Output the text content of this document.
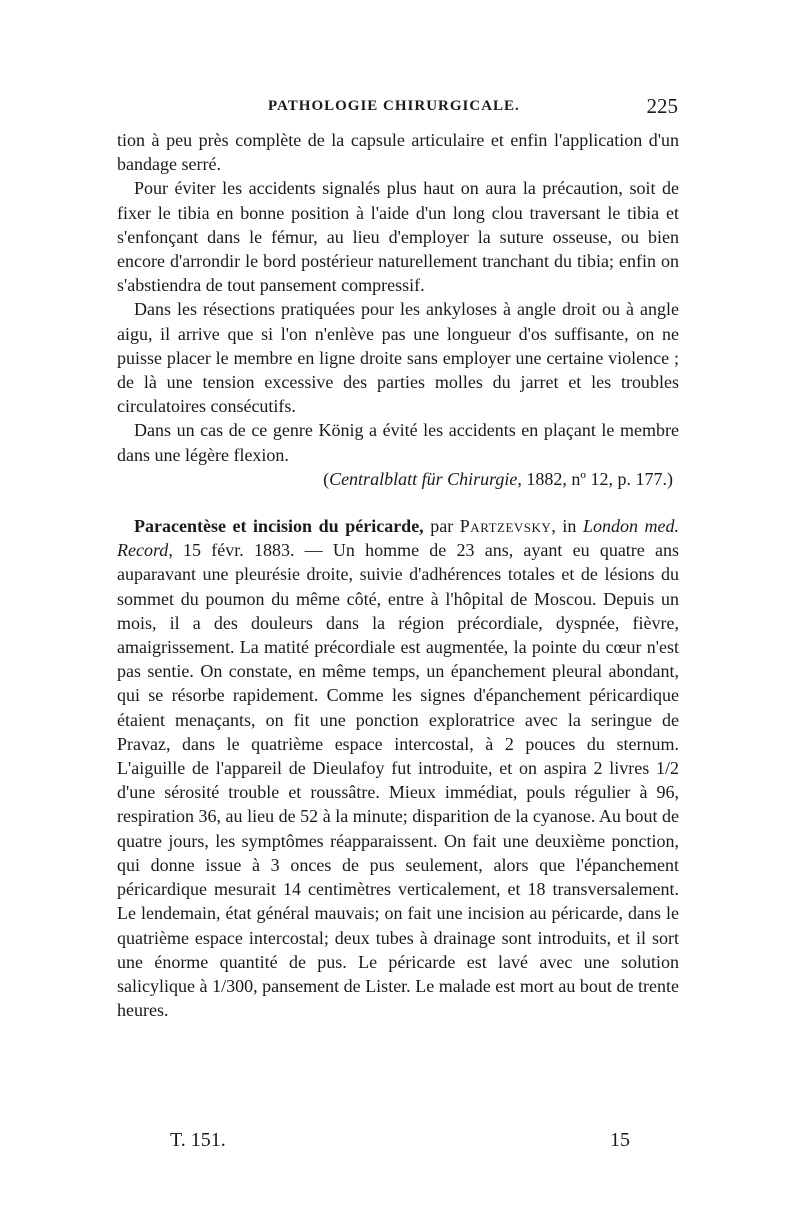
PATHOLOGIE CHIRURGICALE.	225

tion à peu près complète de la capsule articulaire et enfin l'application d'un bandage serré.

Pour éviter les accidents signalés plus haut on aura la précaution, soit de fixer le tibia en bonne position à l'aide d'un long clou traversant le tibia et s'enfonçant dans le fémur, au lieu d'employer la suture osseuse, ou bien encore d'arrondir le bord postérieur naturellement tranchant du tibia; enfin on s'abstiendra de tout pansement compressif.

Dans les résections pratiquées pour les ankyloses à angle droit ou à angle aigu, il arrive que si l'on n'enlève pas une longueur d'os suffisante, on ne puisse placer le membre en ligne droite sans employer une certaine violence ; de là une tension excessive des parties molles du jarret et les troubles circulatoires consécutifs.

Dans un cas de ce genre König a évité les accidents en plaçant le membre dans une légère flexion.

(Centralblatt für Chirurgie, 1882, nº 12, p. 177.)

Paracentèse et incision du péricarde, par Partzevsky, in London med. Record, 15 févr. 1883. — Un homme de 23 ans, ayant eu quatre ans auparavant une pleurésie droite, suivie d'adhérences totales et de lésions du sommet du poumon du même côté, entre à l'hôpital de Moscou. Depuis un mois, il a des douleurs dans la région précordiale, dyspnée, fièvre, amaigrissement. La matité précordiale est augmentée, la pointe du cœur n'est pas sentie. On constate, en même temps, un épanchement pleural abondant, qui se résorbe rapidement. Comme les signes d'épanchement péricardique étaient menaçants, on fit une ponction exploratrice avec la seringue de Pravaz, dans le quatrième espace intercostal, à 2 pouces du sternum. L'aiguille de l'appareil de Dieulafoy fut introduite, et on aspira 2 livres 1/2 d'une sérosité trouble et roussâtre. Mieux immédiat, pouls régulier à 96, respiration 36, au lieu de 52 à la minute; disparition de la cyanose. Au bout de quatre jours, les symptômes réapparaissent. On fait une deuxième ponction, qui donne issue à 3 onces de pus seulement, alors que l'épanchement péricardique mesurait 14 centimètres verticalement, et 18 transversalement. Le lendemain, état général mauvais; on fait une incision au péricarde, dans le quatrième espace intercostal; deux tubes à drainage sont introduits, et il sort une énorme quantité de pus. Le péricarde est lavé avec une solution salicylique à 1/300, pansement de Lister. Le malade est mort au bout de trente heures.

T. 151.	15
